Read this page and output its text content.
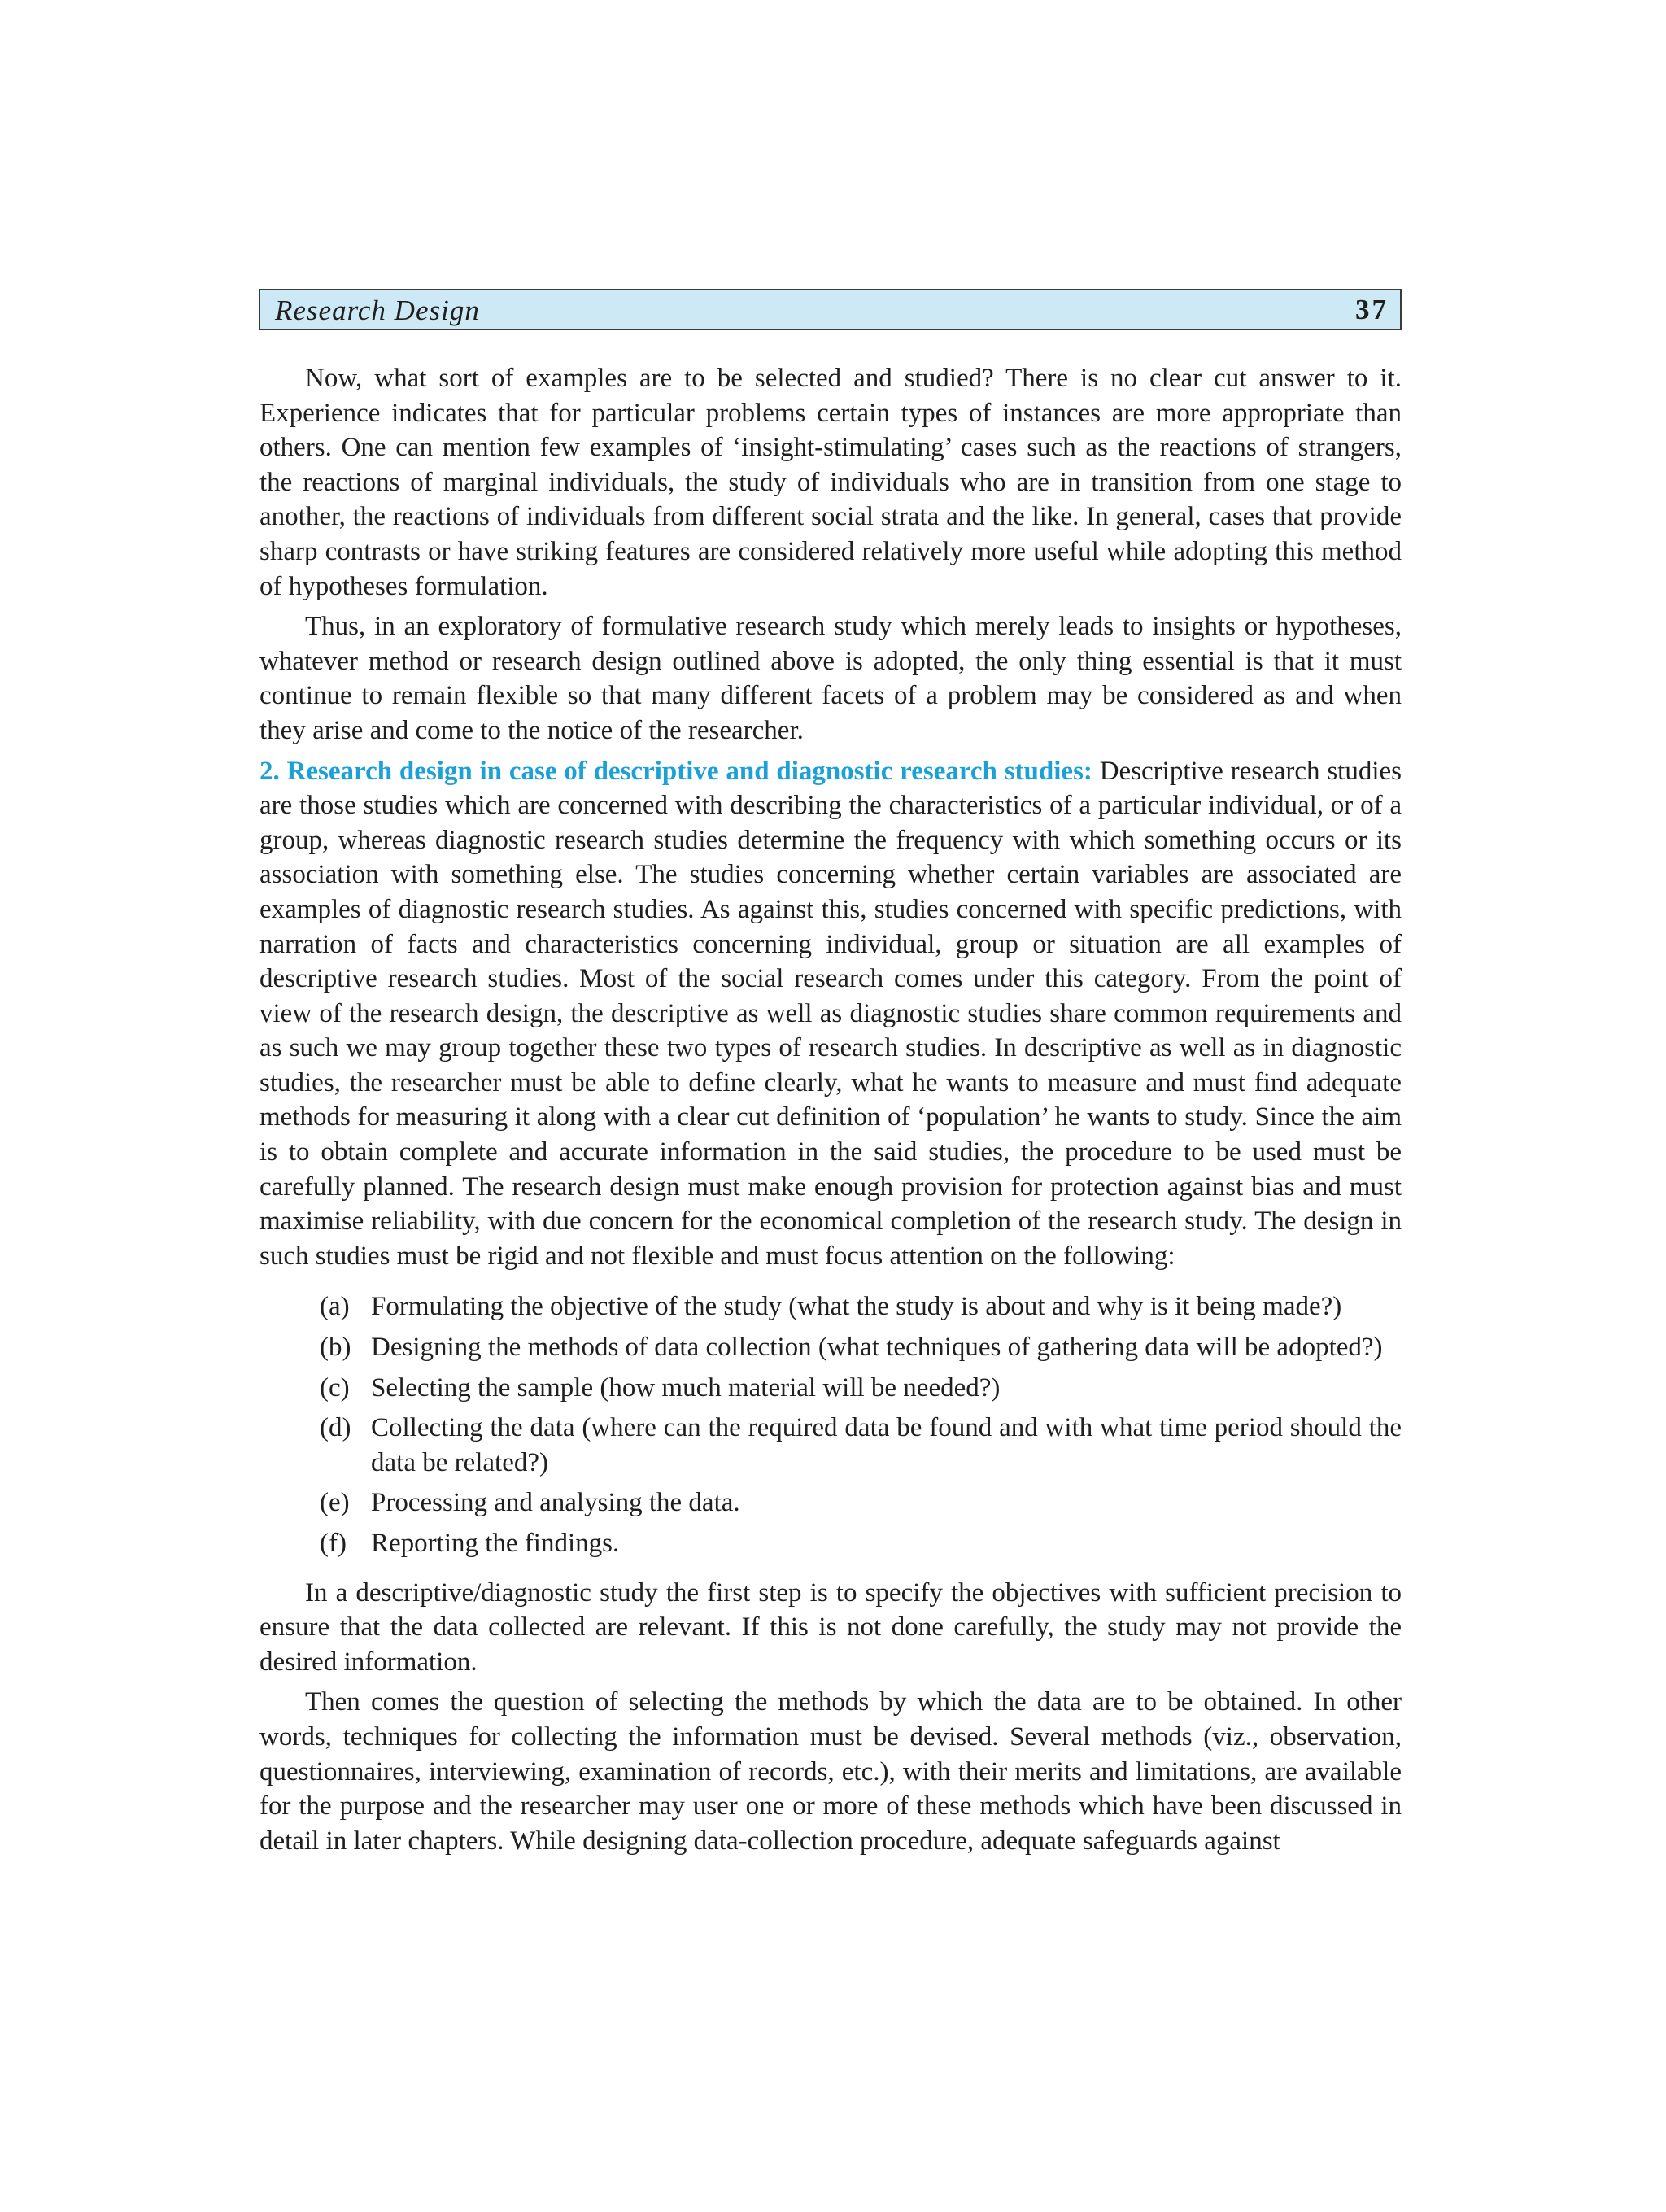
Research Design	37

Now, what sort of examples are to be selected and studied? There is no clear cut answer to it. Experience indicates that for particular problems certain types of instances are more appropriate than others. One can mention few examples of ‘insight-stimulating’ cases such as the reactions of strangers, the reactions of marginal individuals, the study of individuals who are in transition from one stage to another, the reactions of individuals from different social strata and the like. In general, cases that provide sharp contrasts or have striking features are considered relatively more useful while adopting this method of hypotheses formulation.

Thus, in an exploratory of formulative research study which merely leads to insights or hypotheses, whatever method or research design outlined above is adopted, the only thing essential is that it must continue to remain flexible so that many different facets of a problem may be considered as and when they arise and come to the notice of the researcher.

2. Research design in case of descriptive and diagnostic research studies: Descriptive research studies are those studies which are concerned with describing the characteristics of a particular individual, or of a group, whereas diagnostic research studies determine the frequency with which something occurs or its association with something else. The studies concerning whether certain variables are associated are examples of diagnostic research studies. As against this, studies concerned with specific predictions, with narration of facts and characteristics concerning individual, group or situation are all examples of descriptive research studies. Most of the social research comes under this category. From the point of view of the research design, the descriptive as well as diagnostic studies share common requirements and as such we may group together these two types of research studies. In descriptive as well as in diagnostic studies, the researcher must be able to define clearly, what he wants to measure and must find adequate methods for measuring it along with a clear cut definition of ‘population’ he wants to study. Since the aim is to obtain complete and accurate information in the said studies, the procedure to be used must be carefully planned. The research design must make enough provision for protection against bias and must maximise reliability, with due concern for the economical completion of the research study. The design in such studies must be rigid and not flexible and must focus attention on the following:

(a) Formulating the objective of the study (what the study is about and why is it being made?)
(b) Designing the methods of data collection (what techniques of gathering data will be adopted?)
(c) Selecting the sample (how much material will be needed?)
(d) Collecting the data (where can the required data be found and with what time period should the data be related?)
(e) Processing and analysing the data.
(f) Reporting the findings.

In a descriptive/diagnostic study the first step is to specify the objectives with sufficient precision to ensure that the data collected are relevant. If this is not done carefully, the study may not provide the desired information.

Then comes the question of selecting the methods by which the data are to be obtained. In other words, techniques for collecting the information must be devised. Several methods (viz., observation, questionnaires, interviewing, examination of records, etc.), with their merits and limitations, are available for the purpose and the researcher may user one or more of these methods which have been discussed in detail in later chapters. While designing data-collection procedure, adequate safeguards against
